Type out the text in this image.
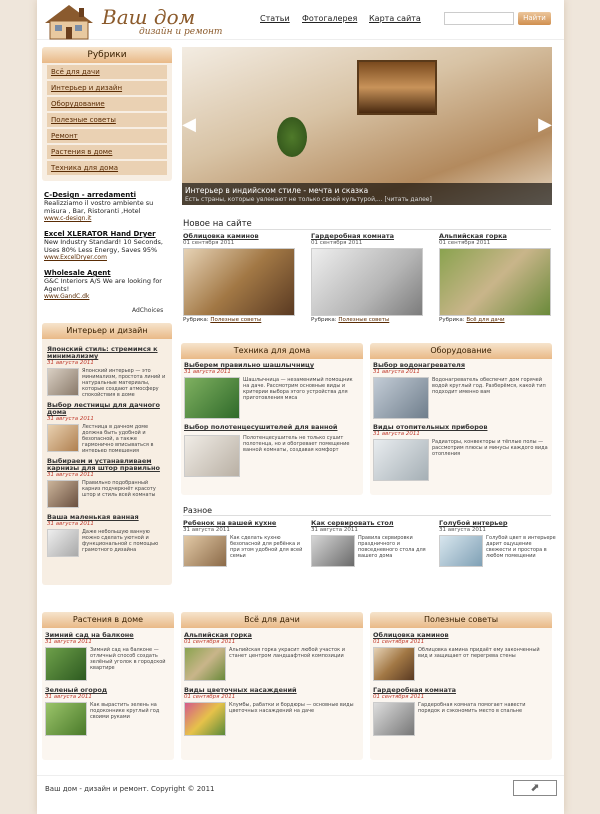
Ваш дом
дизайн и ремонт
Статьи Фотогалерея Карта сайта	Найти
Рубрики
Всё для дачи
Интерьер и дизайн
Оборудование
Полезные советы
Ремонт
Растения в доме
Техника для дома
C-Design - arredamenti
Realizziamo il vostro ambiente su misura , Bar, Ristoranti ,Hotel
www.c-design.it
Excel XLERATOR Hand Dryer
New Industry Standard! 10 Seconds, Uses 80% Less Energy, Saves 95%
www.ExcelDryer.com
Wholesale Agent
G&C Interiors A/S We are looking for Agents!
www.GandC.dk
AdChoices
Интерьер и дизайн
Японский стиль: стремимся к минимализму
31 августа 2011
Японский интерьер — это минимализм, простота линий и натуральные материалы, которые создают атмосферу спокойствия в доме
Выбор лестницы для дачного дома
31 августа 2011
Лестница в дачном доме должна быть удобной и безопасной, а также гармонично вписываться в интерьер помещения
Выбираем и устанавливаем карнизы для штор правильно
31 августа 2011
Правильно подобранный карниз подчеркнёт красоту штор и стиль всей комнаты
Ваша маленькая ванная
31 августа 2011
Даже небольшую ванную можно сделать уютной и функциональной с помощью грамотного дизайна
◀	▶
Интерьер в индийском стиле - мечта и сказка
Есть страны, которые увлекают не только своей культурой,... [читать далее]
Новое на сайте
Облицовка каминов
01 сентября 2011
Рубрика: Полезные советы
Гардеробная комната
01 сентября 2011
Рубрика: Полезные советы
Альпийская горка
01 сентября 2011
Рубрика: Всё для дачи
Техника для дома
Выберем правильно шашлычницу
31 августа 2011
Шашлычница — незаменимый помощник на даче. Рассмотрим основные виды и критерии выбора этого устройства для приготовления мяса
Выбор полотенцесушителей для ванной
Полотенцесушитель не только сушит полотенца, но и обогревает помещение ванной комнаты, создавая комфорт
Оборудование
Выбор водонагревателя
31 августа 2011
Водонагреватель обеспечит дом горячей водой круглый год. Разберёмся, какой тип подходит именно вам
Виды отопительных приборов
31 августа 2011
Радиаторы, конвекторы и тёплые полы — рассмотрим плюсы и минусы каждого вида отопления
Разное
Ребенок на вашей кухне
31 августа 2011
Как сделать кухню безопасной для ребёнка и при этом удобной для всей семьи
Как сервировать стол
31 августа 2011
Правила сервировки праздничного и повседневного стола для вашего дома
Голубой интерьер
31 августа 2011
Голубой цвет в интерьере дарит ощущение свежести и простора в любом помещении
Растения в доме
Зимний сад на балконе
31 августа 2011
Зимний сад на балконе — отличный способ создать зелёный уголок в городской квартире
Зеленый огород
31 августа 2011
Как вырастить зелень на подоконнике круглый год своими руками
Всё для дачи
Альпийская горка
01 сентября 2011
Альпийская горка украсит любой участок и станет центром ландшафтной композиции
Виды цветочных насаждений
01 сентября 2011
Клумбы, рабатки и бордюры — основные виды цветочных насаждений на даче
Полезные советы
Облицовка каминов
01 сентября 2011
Облицовка камина придаёт ему законченный вид и защищает от перегрева стены
Гардеробная комната
01 сентября 2011
Гардеробная комната помогает навести порядок и сэкономить место в спальне
Ваш дом - дизайн и ремонт. Copyright © 2011	⬈
